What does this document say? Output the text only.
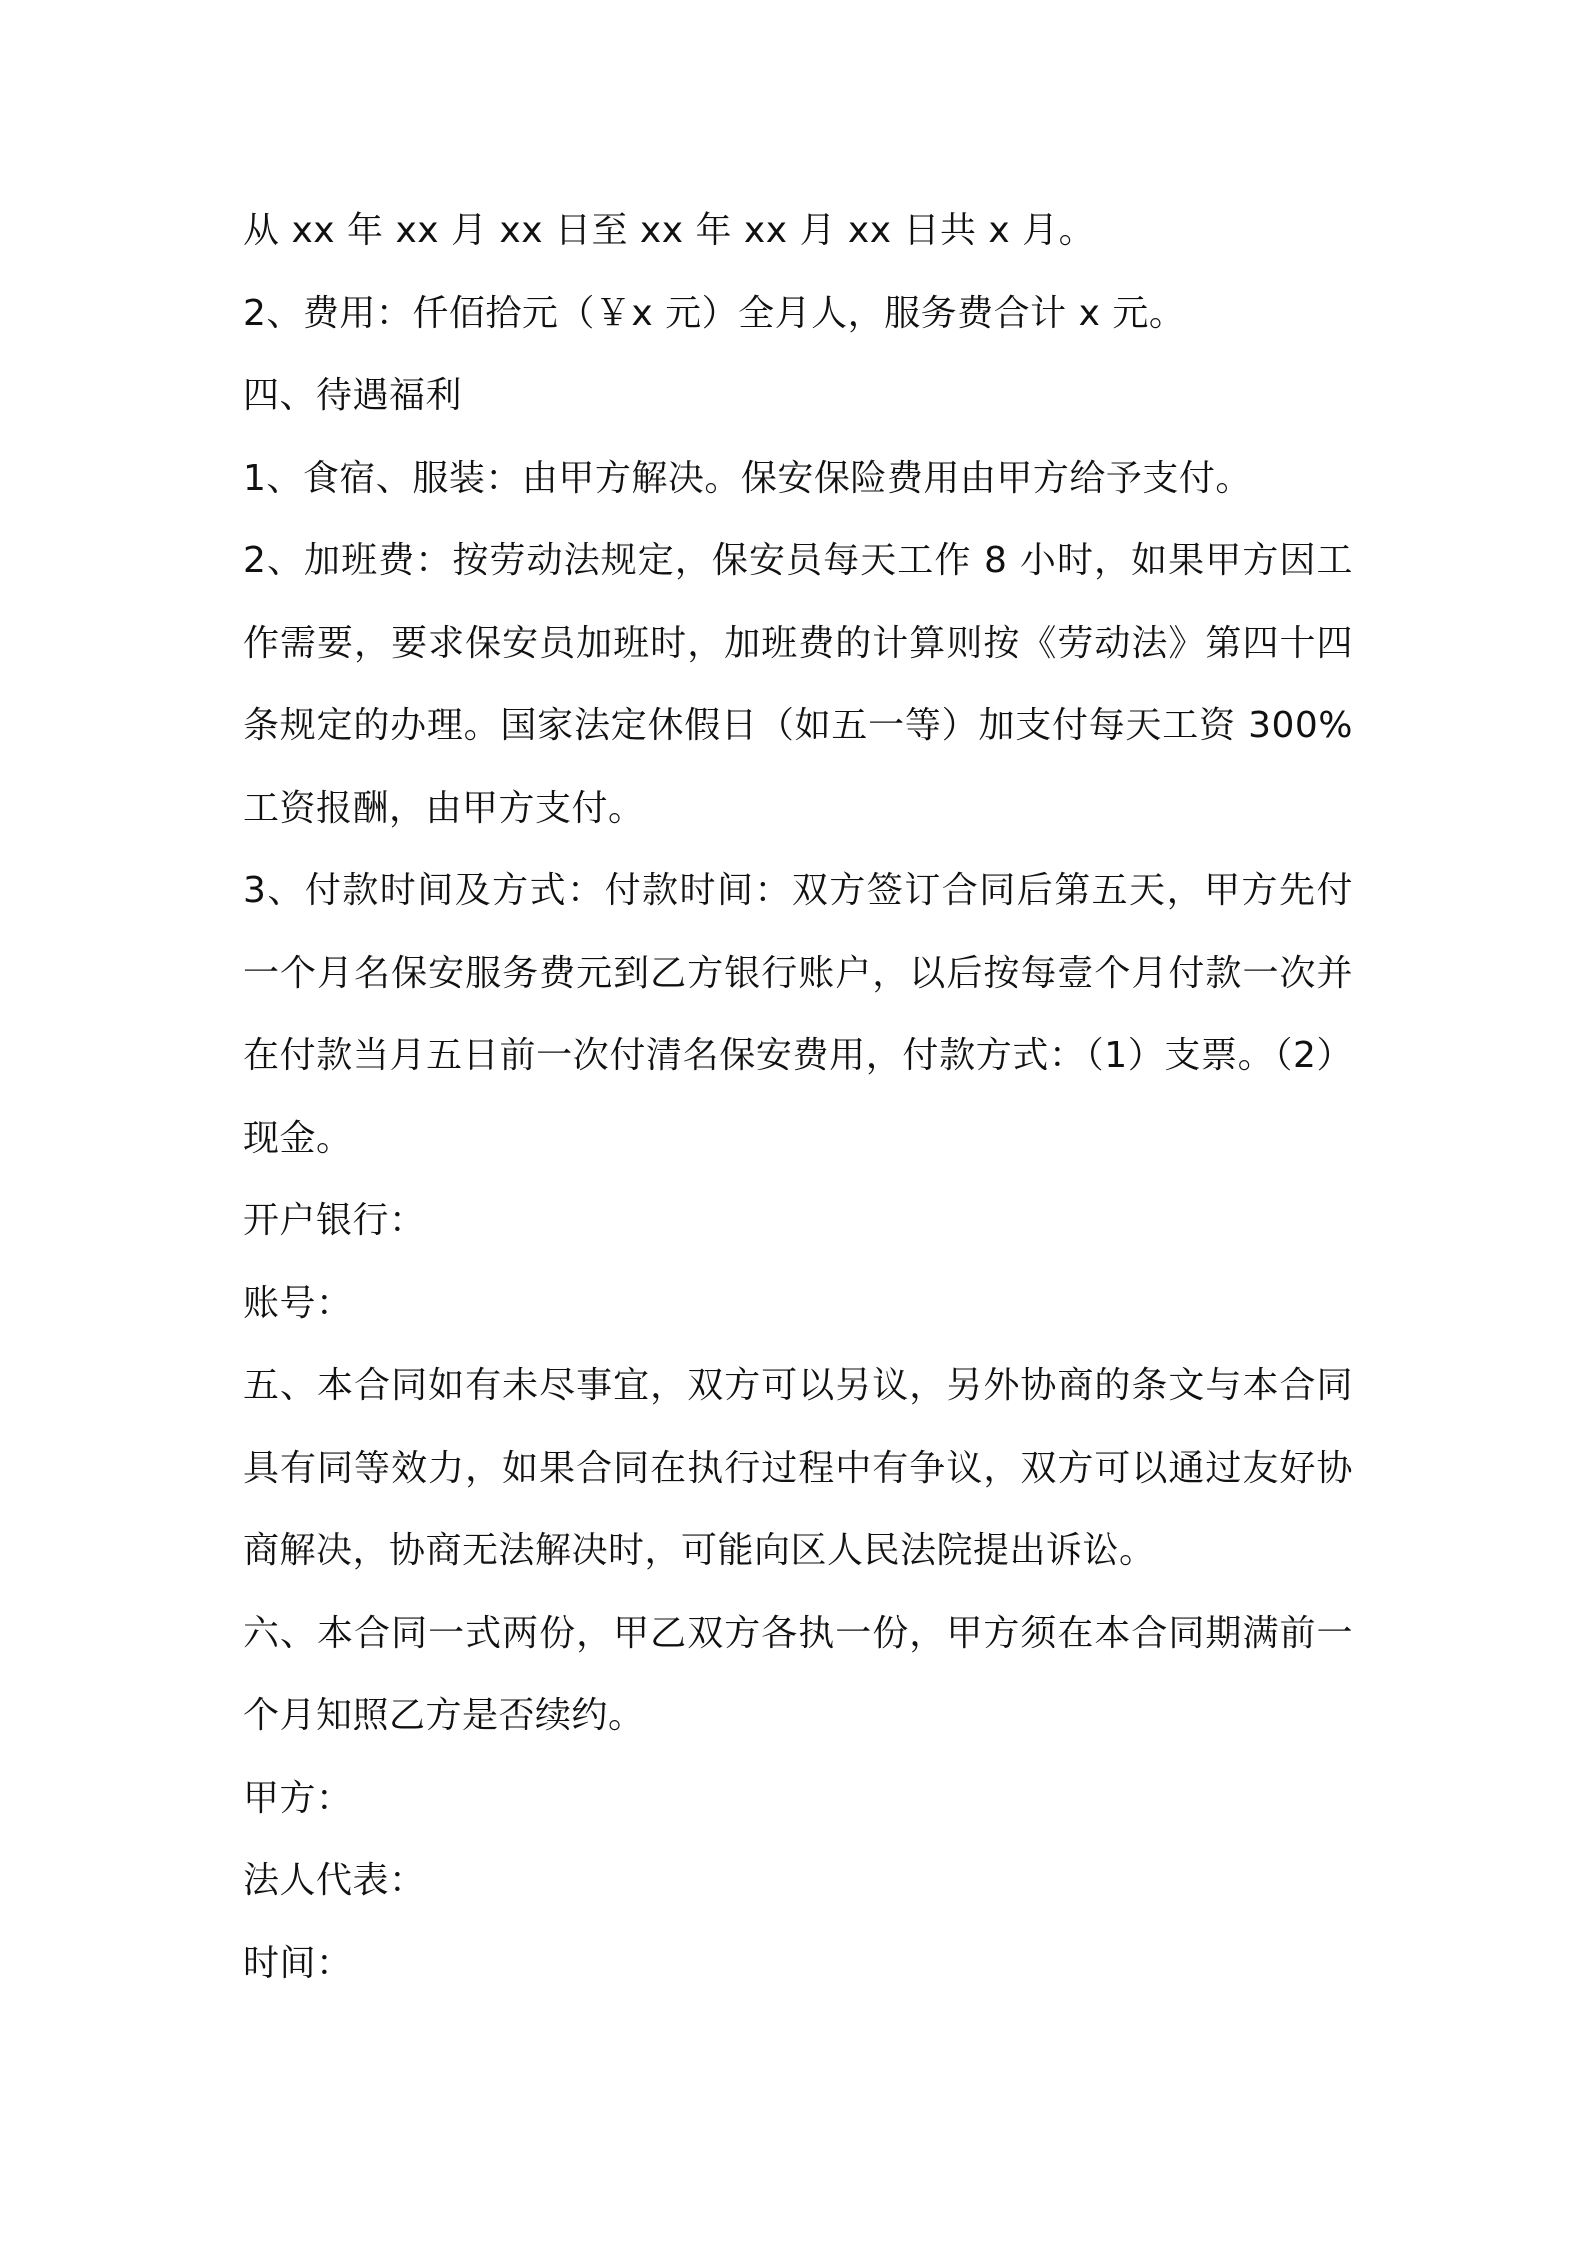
从 xx 年 xx 月 xx 日至 xx 年 xx 月 xx 日共 x 月。
2、费用：仟佰拾元（￥x 元）全月人，服务费合计 x 元。
四、待遇福利
1、食宿、服装：由甲方解决。保安保险费用由甲方给予支付。
2、加班费：按劳动法规定，保安员每天工作 8 小时，如果甲方因工
作需要，要求保安员加班时，加班费的计算则按《劳动法》第四十四
条规定的办理。国家法定休假日（如五一等）加支付每天工资 300%
工资报酬，由甲方支付。
3、付款时间及方式：付款时间：双方签订合同后第五天，甲方先付
一个月名保安服务费元到乙方银行账户，以后按每壹个月付款一次并
在付款当月五日前一次付清名保安费用，付款方式：（1）支票。（2）
现金。
开户银行：
账号：
五、本合同如有未尽事宜，双方可以另议，另外协商的条文与本合同
具有同等效力，如果合同在执行过程中有争议，双方可以通过友好协
商解决，协商无法解决时，可能向区人民法院提出诉讼。
六、本合同一式两份，甲乙双方各执一份，甲方须在本合同期满前一
个月知照乙方是否续约。
甲方：
法人代表：
时间：
